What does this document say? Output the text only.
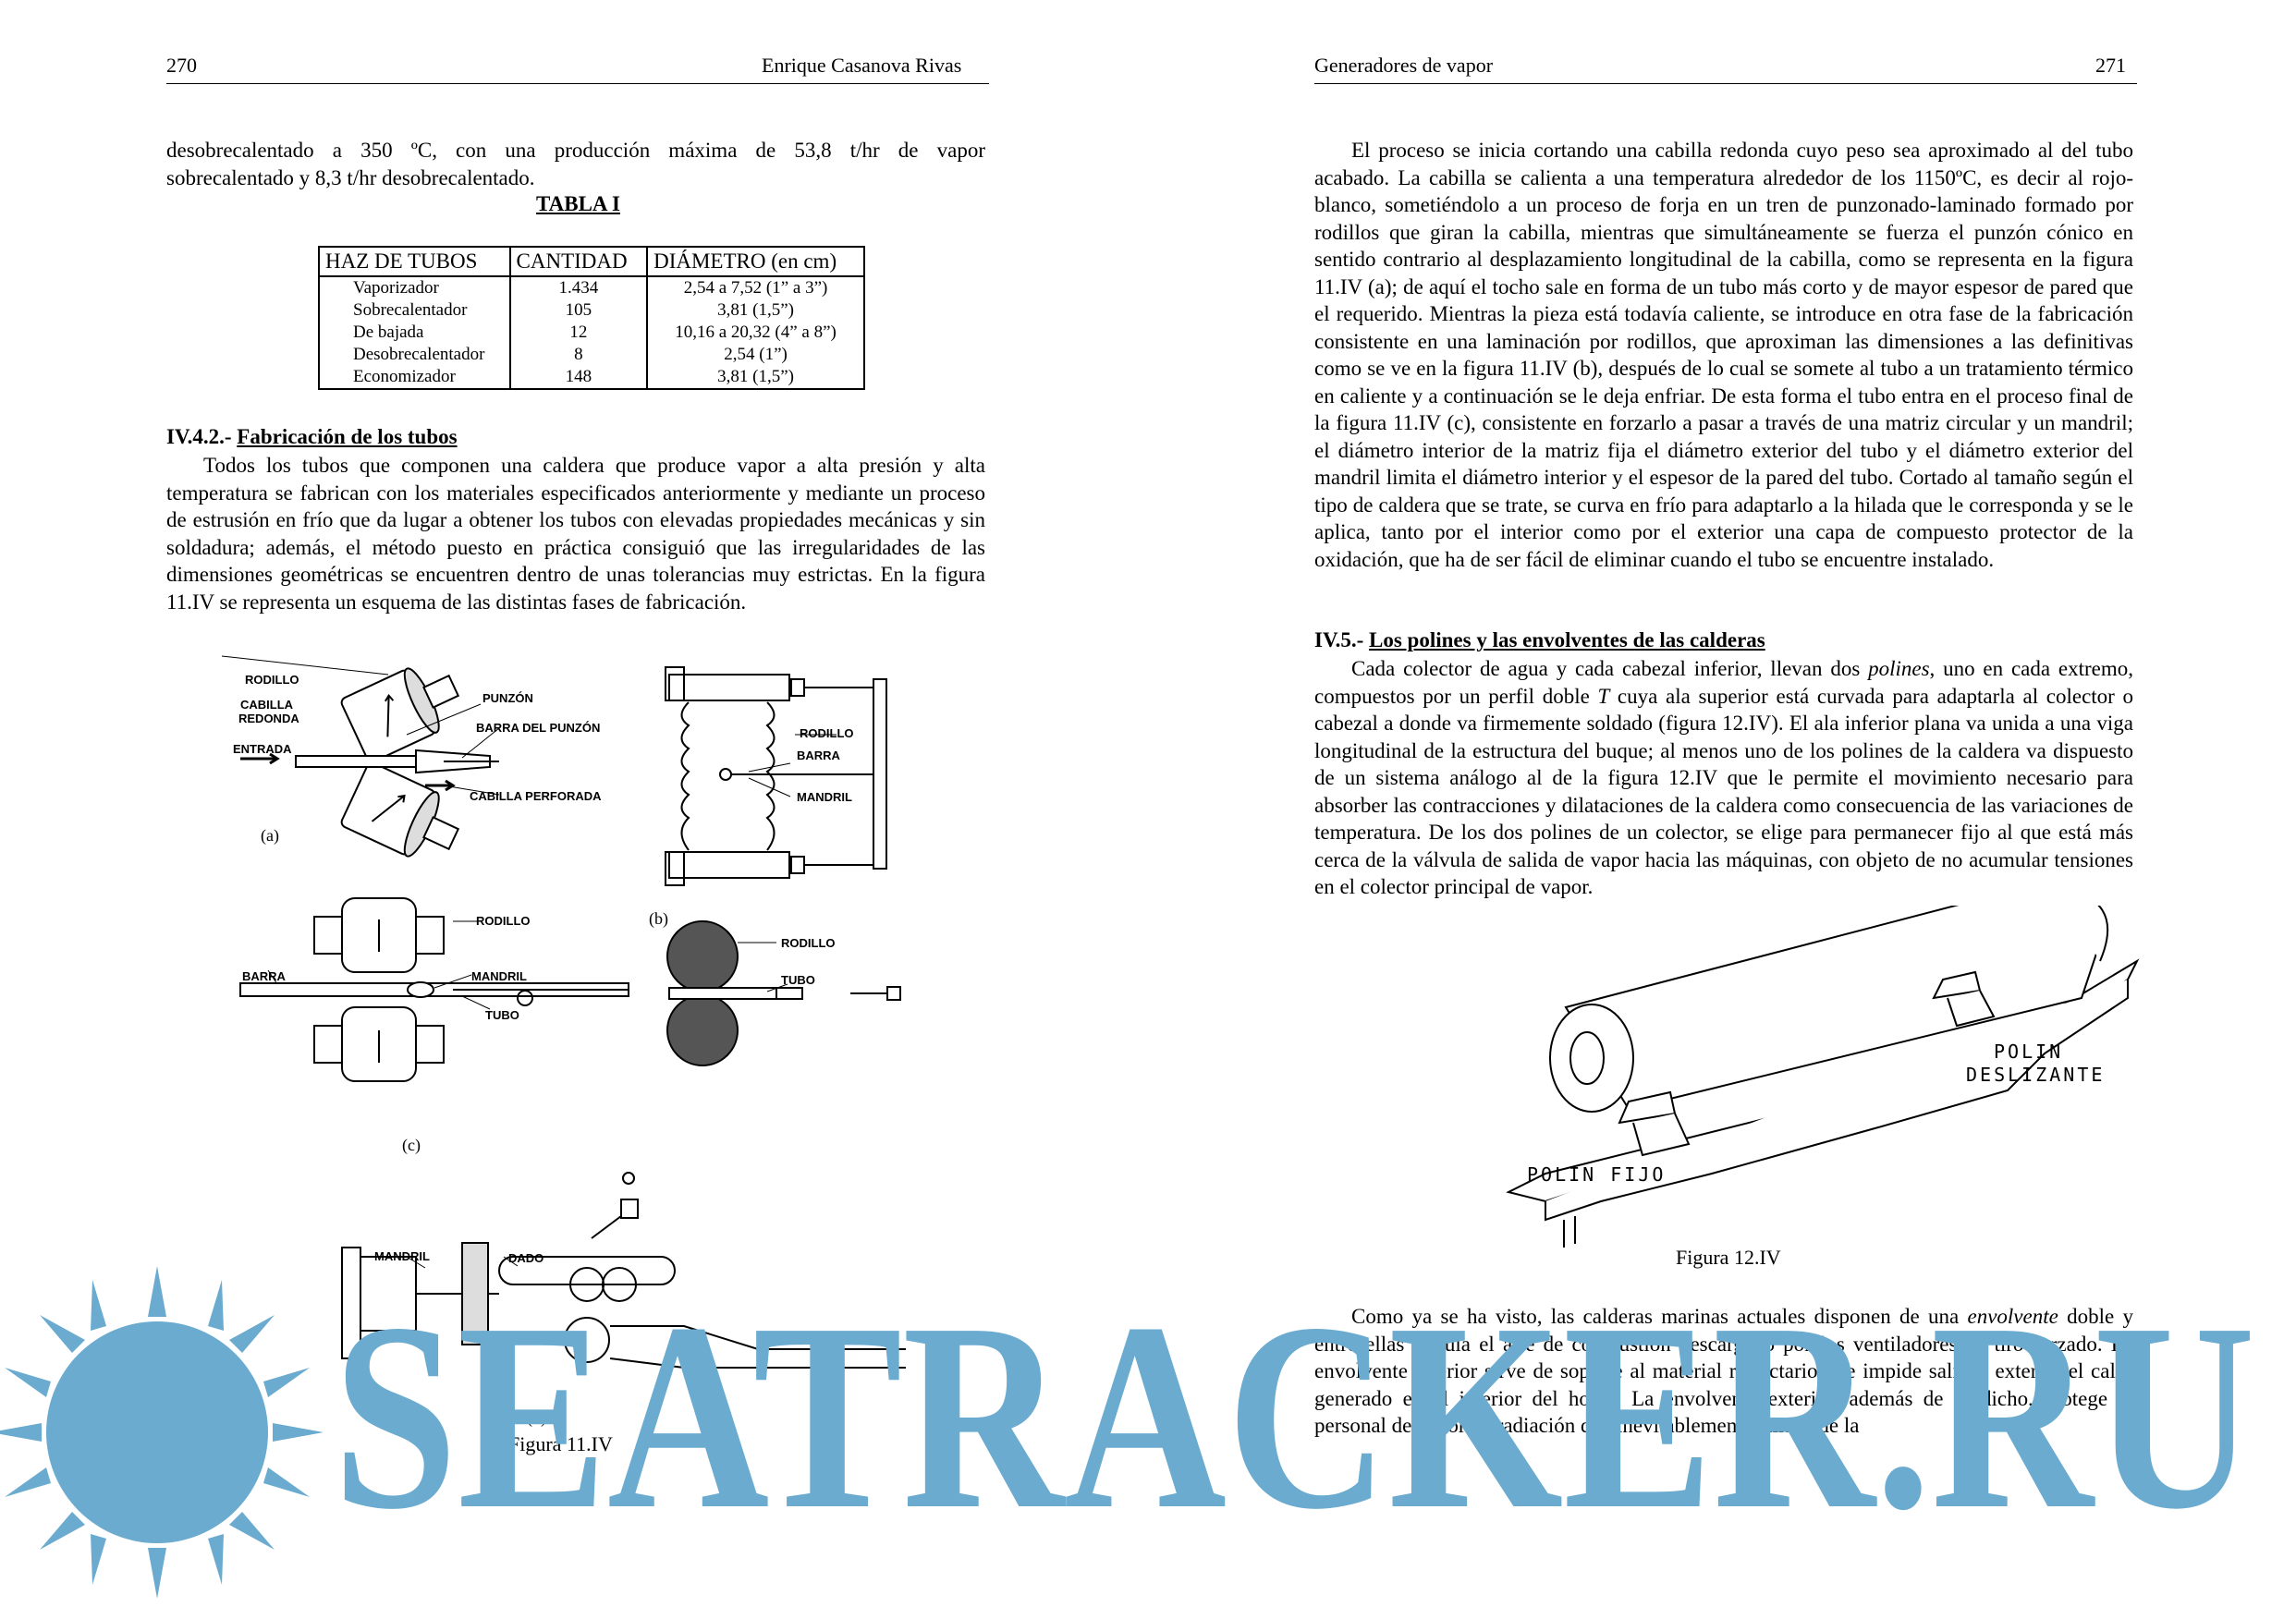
270	Enrique Casanova Rivas

desobrecalentado a 350 ºC, con una producción máxima de 53,8 t/hr de vapor

sobrecalentado y 8,3 t/hr desobrecalentado.

TABLA I
HAZ DE TUBOS	CANTIDAD	DIÁMETRO (en cm)
Vaporizador	1.434	2,54 a 7,52 (1” a 3”)
Sobrecalentador	105	3,81 (1,5”)
De bajada	12	10,16 a 20,32 (4” a 8”)
Desobrecalentador	8	2,54 (1”)
Economizador	148	3,81 (1,5”)
IV.4.2.- Fabricación de los tubos

Todos los tubos que componen una caldera que produce vapor a alta presión y alta temperatura se fabrican con los materiales especificados anteriormente y mediante un proceso de estrusión en frío que da lugar a obtener los tubos con elevadas propiedades mecánicas y sin soldadura; además, el método puesto en práctica consiguió que las irregularidades de las dimensiones geométricas se encuentren dentro de unas tolerancias muy estrictas. En la figura 11.IV se representa un esquema de las distintas fases de fabricación.

RODILLO
CABILLA
REDONDA
ENTRADA
PUNZÓN
BARRA DEL PUNZÓN
CABILLA PERFORADA
(a)
RODILLO
BARRA
MANDRIL
(b)
RODILLO
BARRA	MANDRIL
TUBO
(c)
RODILLO
TUBO
MANDRIL	DADO
(d)
Figura 11.IV
Generadores de vapor	271

El proceso se inicia cortando una cabilla redonda cuyo peso sea aproximado al del tubo acabado. La cabilla se calienta a una temperatura alrededor de los 1150ºC, es decir al rojo-blanco, sometiéndolo a un proceso de forja en un tren de punzonado-laminado formado por rodillos que giran la cabilla, mientras que simultáneamente se fuerza el punzón cónico en sentido contrario al desplazamiento longitudinal de la cabilla, como se representa en la figura 11.IV (a); de aquí el tocho sale en forma de un tubo más corto y de mayor espesor de pared que el requerido. Mientras la pieza está todavía caliente, se introduce en otra fase de la fabricación consistente en una laminación por rodillos, que aproximan las dimensiones a las definitivas como se ve en la figura 11.IV (b), después de lo cual se somete al tubo a un tratamiento térmico en caliente y a continuación se le deja enfriar. De esta forma el tubo entra en el proceso final de la figura 11.IV (c), consistente en forzarlo a pasar a través de una matriz circular y un mandril; el diámetro interior de la matriz fija el diámetro exterior del tubo y el diámetro exterior del mandril limita el diámetro interior y el espesor de la pared del tubo. Cortado al tamaño según el tipo de caldera que se trate, se curva en frío para adaptarlo a la hilada que le corresponda y se le aplica, tanto por el interior como por el exterior una capa de compuesto protector de la oxidación, que ha de ser fácil de eliminar cuando el tubo se encuentre instalado.

IV.5.- Los polines y las envolventes de las calderas

Cada colector de agua y cada cabezal inferior, llevan dos polines, uno en cada extremo, compuestos por un perfil doble T cuya ala superior está curvada para adaptarla al colector o cabezal a donde va firmemente soldado (figura 12.IV). El ala inferior plana va unida a una viga longitudinal de la estructura del buque; al menos uno de los polines de la caldera va dispuesto de un sistema análogo al de la figura 12.IV que le permite el movimiento necesario para absorber las contracciones y dilataciones de la caldera como consecuencia de las variaciones de temperatura. De los dos polines de un colector, se elige para permanecer fijo al que está más cerca de la válvula de salida de vapor hacia las máquinas, con objeto de no acumular tensiones en el colector principal de vapor.

POLIN
DESLIZANTE
POLIN FIJO
Figura 12.IV

Como ya se ha visto, las calderas marinas actuales disponen de una envolvente doble y entre ellas circula el aire de combustión descargado por los ventiladores de tiro forzado. La envolvente interior sirve de soporte al material refractario que impide salir al exterior el calor generado en el interior del hogar. La envolvente exterior, además de lo dicho, protege al personal del calor de radiación que inevitablemente emana de la

SEATRACKER.RU
